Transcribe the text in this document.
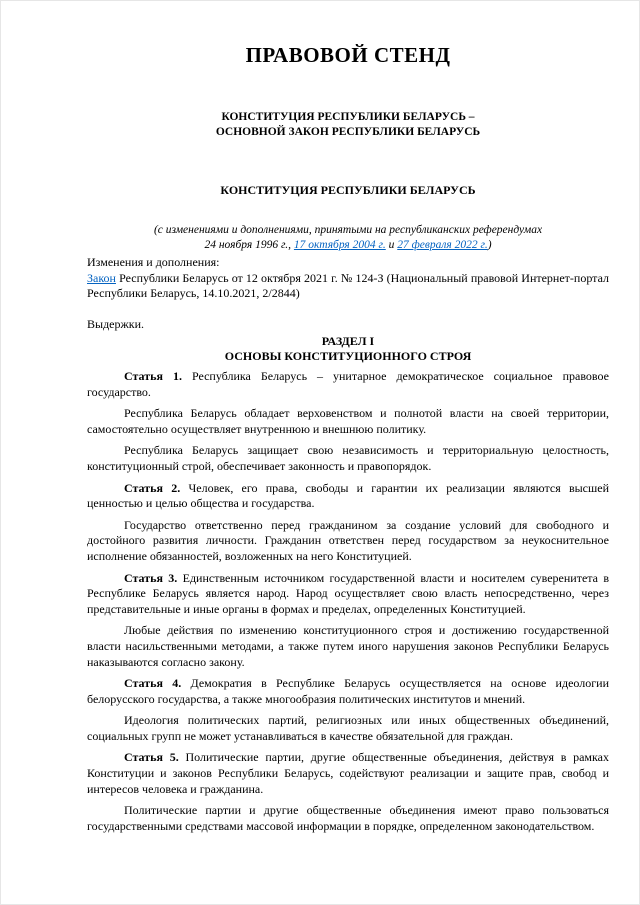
ПРАВОВОЙ СТЕНД

КОНСТИТУЦИЯ РЕСПУБЛИКИ БЕЛАРУСЬ –
ОСНОВНОЙ ЗАКОН РЕСПУБЛИКИ БЕЛАРУСЬ

КОНСТИТУЦИЯ РЕСПУБЛИКИ БЕЛАРУСЬ

(с изменениями и дополнениями, принятыми на республиканских референдумах
24 ноября 1996 г., 17 октября 2004 г. и 27 февраля 2022 г.)

Изменения и дополнения:

Закон Республики Беларусь от 12 октября 2021 г. № 124-З (Национальный правовой Интернет-портал Республики Беларусь, 14.10.2021, 2/2844)

Выдержки.

РАЗДЕЛ I
ОСНОВЫ КОНСТИТУЦИОННОГО СТРОЯ

Статья 1. Республика Беларусь – унитарное демократическое социальное правовое государство.

Республика Беларусь обладает верховенством и полнотой власти на своей территории, самостоятельно осуществляет внутреннюю и внешнюю политику.

Республика Беларусь защищает свою независимость и территориальную целостность, конституционный строй, обеспечивает законность и правопорядок.

Статья 2. Человек, его права, свободы и гарантии их реализации являются высшей ценностью и целью общества и государства.

Государство ответственно перед гражданином за создание условий для свободного и достойного развития личности. Гражданин ответствен перед государством за неукоснительное исполнение обязанностей, возложенных на него Конституцией.

Статья 3. Единственным источником государственной власти и носителем суверенитета в Республике Беларусь является народ. Народ осуществляет свою власть непосредственно, через представительные и иные органы в формах и пределах, определенных Конституцией.

Любые действия по изменению конституционного строя и достижению государственной власти насильственными методами, а также путем иного нарушения законов Республики Беларусь наказываются согласно закону.

Статья 4. Демократия в Республике Беларусь осуществляется на основе идеологии белорусского государства, а также многообразия политических институтов и мнений.

Идеология политических партий, религиозных или иных общественных объединений, социальных групп не может устанавливаться в качестве обязательной для граждан.

Статья 5. Политические партии, другие общественные объединения, действуя в рамках Конституции и законов Республики Беларусь, содействуют реализации и защите прав, свобод и интересов человека и гражданина.

Политические партии и другие общественные объединения имеют право пользоваться государственными средствами массовой информации в порядке, определенном законодательством.
